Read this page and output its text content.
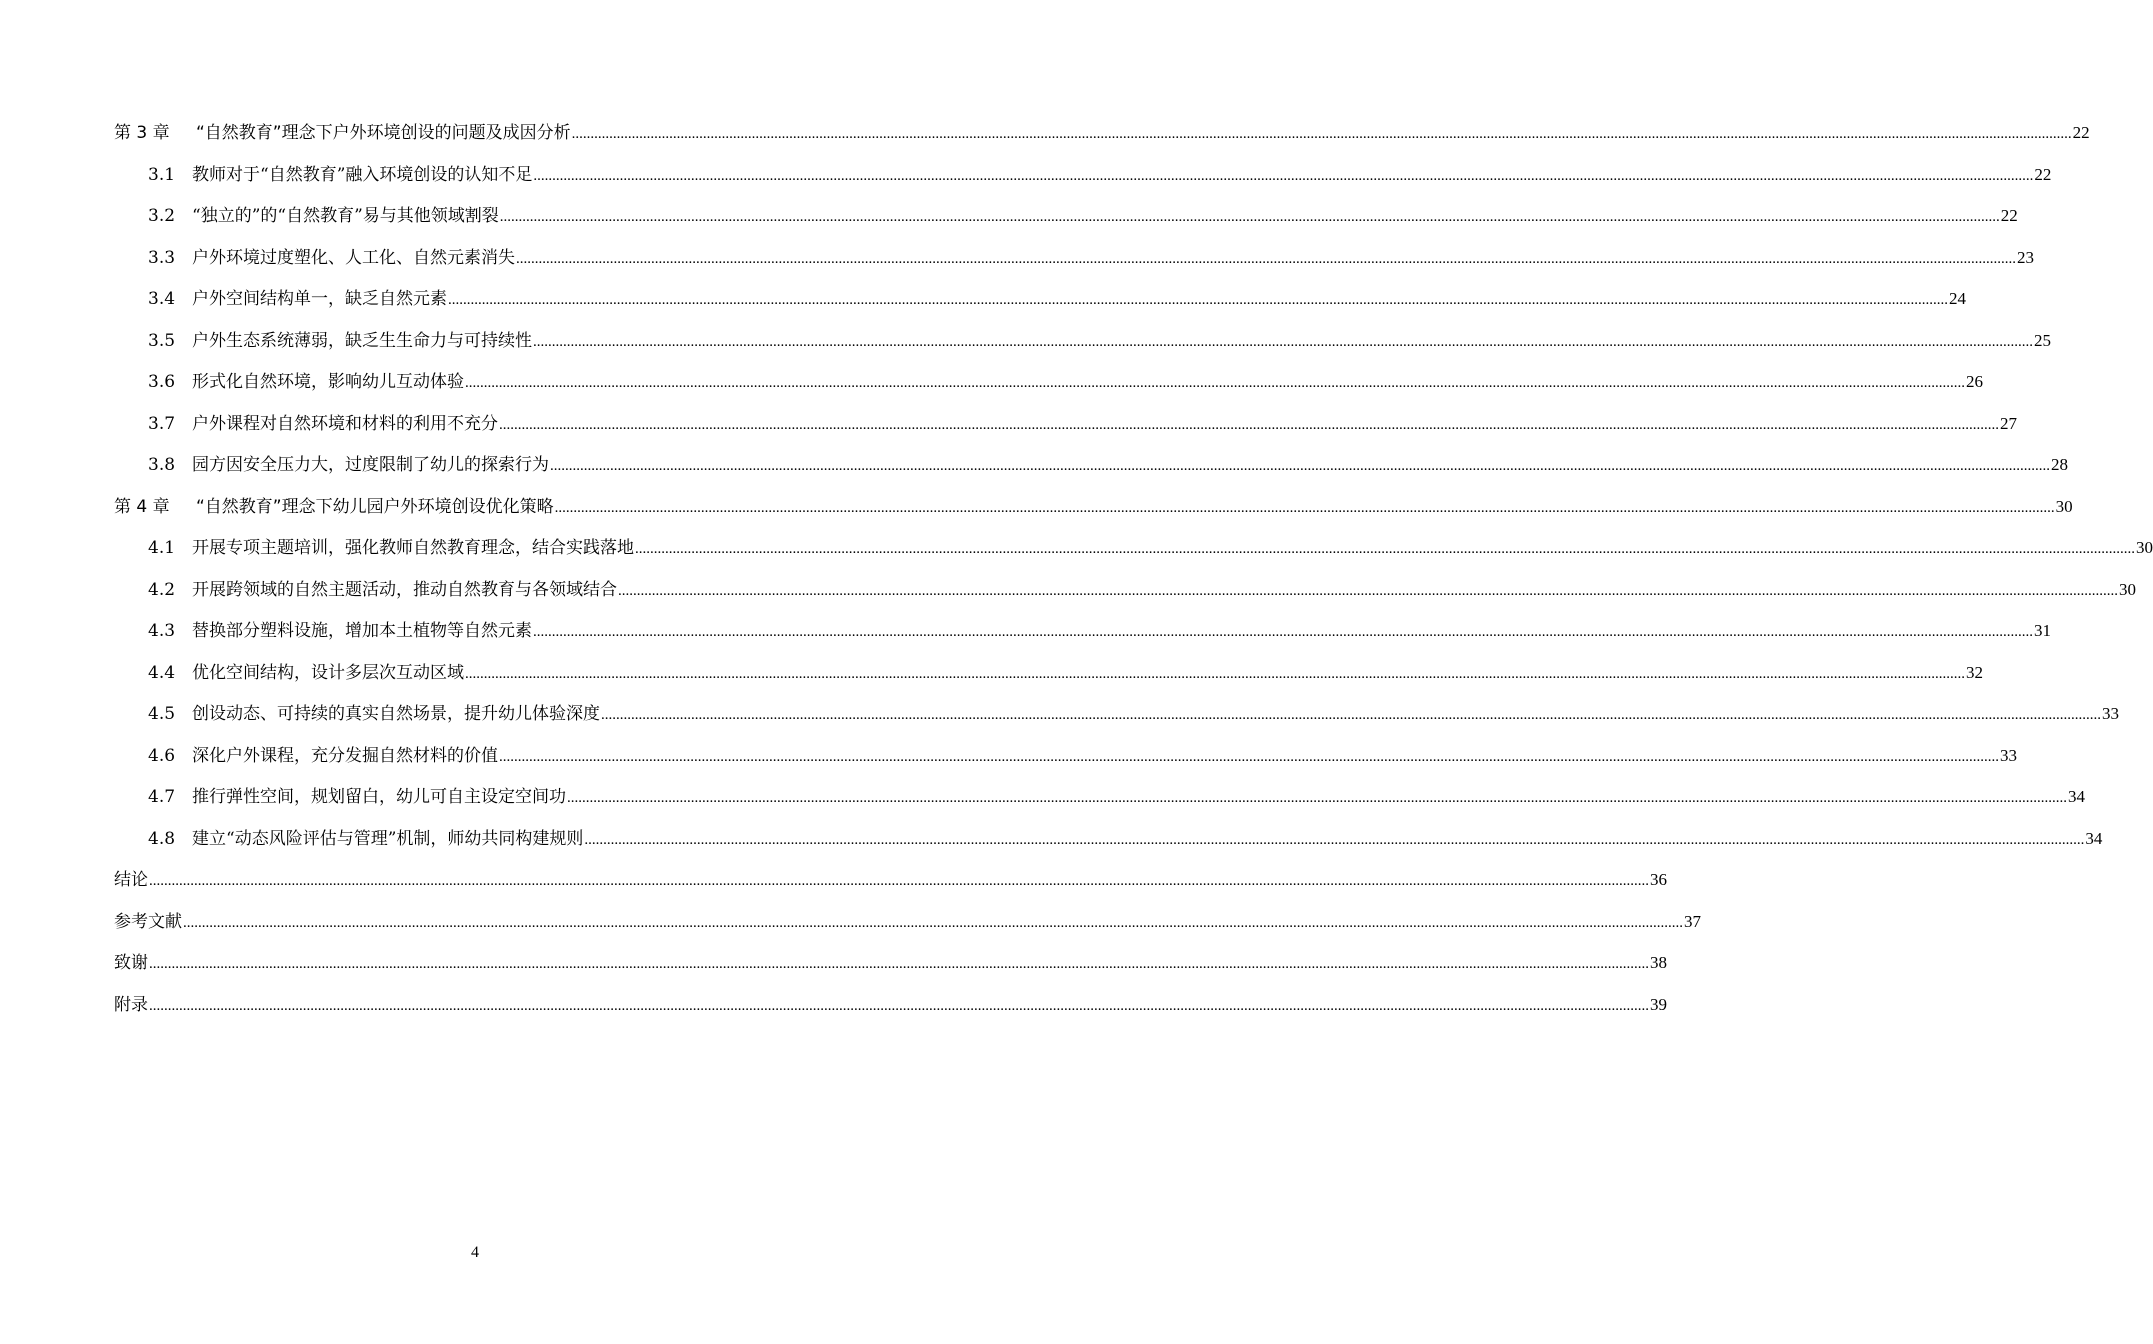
第 3 章	“自然教育”理念下户外环境创设的问题及成因分析 ................................................................................................................................................................................................................................................................................................................................................................................................................ 22
3.1 教师对于“自然教育”融入环境创设的认知不足 ................................................................................................................................................................................................................................................................................................................................................................................................................ 22
3.2 “独立的”的“自然教育”易与其他领域割裂 ................................................................................................................................................................................................................................................................................................................................................................................................................ 22
3.3 户外环境过度塑化、人工化、自然元素消失 ................................................................................................................................................................................................................................................................................................................................................................................................................ 23
3.4 户外空间结构单一，缺乏自然元素 ................................................................................................................................................................................................................................................................................................................................................................................................................ 24
3.5 户外生态系统薄弱，缺乏生生命力与可持续性 ................................................................................................................................................................................................................................................................................................................................................................................................................ 25
3.6 形式化自然环境，影响幼儿互动体验 ................................................................................................................................................................................................................................................................................................................................................................................................................ 26
3.7 户外课程对自然环境和材料的利用不充分 ................................................................................................................................................................................................................................................................................................................................................................................................................ 27
3.8 园方因安全压力大，过度限制了幼儿的探索行为 ................................................................................................................................................................................................................................................................................................................................................................................................................ 28
第 4 章	“自然教育”理念下幼儿园户外环境创设优化策略 ................................................................................................................................................................................................................................................................................................................................................................................................................ 30
4.1 开展专项主题培训，强化教师自然教育理念，结合实践落地 ................................................................................................................................................................................................................................................................................................................................................................................................................ 30
4.2 开展跨领域的自然主题活动，推动自然教育与各领域结合 ................................................................................................................................................................................................................................................................................................................................................................................................................ 30
4.3 替换部分塑料设施，增加本土植物等自然元素 ................................................................................................................................................................................................................................................................................................................................................................................................................ 31
4.4 优化空间结构，设计多层次互动区域 ................................................................................................................................................................................................................................................................................................................................................................................................................ 32
4.5 创设动态、可持续的真实自然场景，提升幼儿体验深度 ................................................................................................................................................................................................................................................................................................................................................................................................................ 33
4.6 深化户外课程，充分发掘自然材料的价值 ................................................................................................................................................................................................................................................................................................................................................................................................................ 33
4.7 推行弹性空间，规划留白，幼儿可自主设定空间功 ................................................................................................................................................................................................................................................................................................................................................................................................................ 34
4.8 建立“动态风险评估与管理”机制，师幼共同构建规则 ................................................................................................................................................................................................................................................................................................................................................................................................................ 34
结论 ................................................................................................................................................................................................................................................................................................................................................................................................................ 36
参考文献 ................................................................................................................................................................................................................................................................................................................................................................................................................ 37
致谢 ................................................................................................................................................................................................................................................................................................................................................................................................................ 38
附录 ................................................................................................................................................................................................................................................................................................................................................................................................................ 39
4
